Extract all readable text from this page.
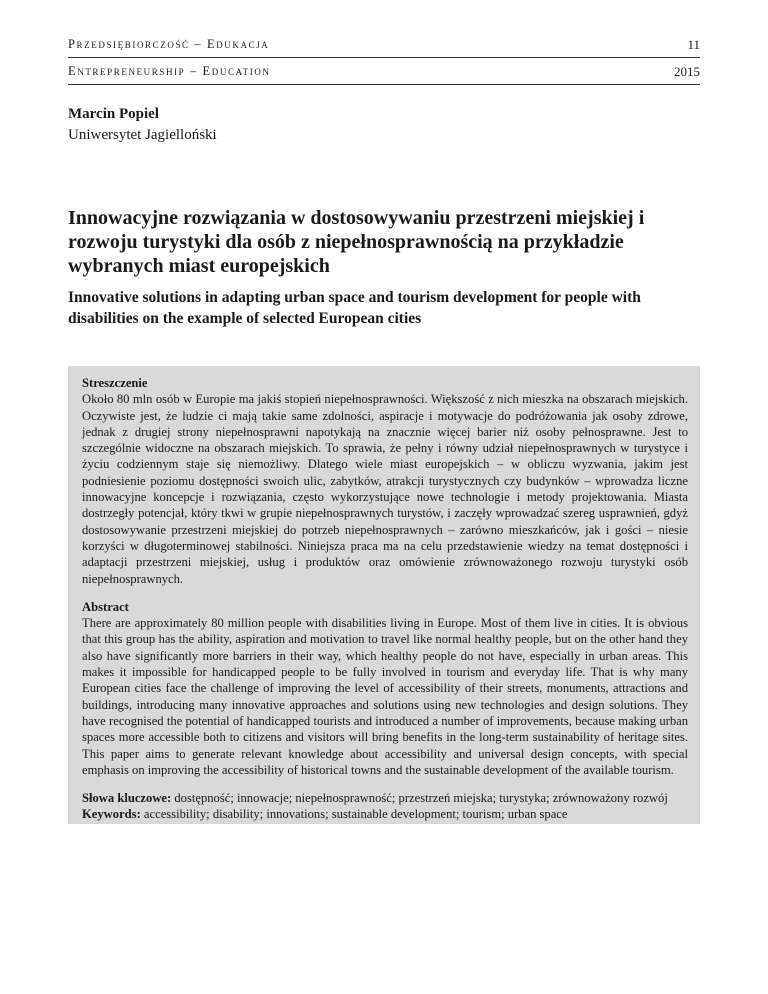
Przedsiębiorczość – Edukacja	11
Entrepreneurship – Education	2015
Marcin Popiel
Uniwersytet Jagielloński
Innowacyjne rozwiązania w dostosowywaniu przestrzeni miejskiej i rozwoju turystyki dla osób z niepełnosprawnością na przykładzie wybranych miast europejskich
Innovative solutions in adapting urban space and tourism development for people with disabilities on the example of selected European cities
Streszczenie

Około 80 mln osób w Europie ma jakiś stopień niepełnosprawności. Większość z nich mieszka na obszarach miejskich. Oczywiste jest, że ludzie ci mają takie same zdolności, aspiracje i motywacje do podróżowania jak osoby zdrowe, jednak z drugiej strony niepełnosprawni napotykają na znacznie więcej barier niż osoby pełnosprawne. Jest to szczególnie widoczne na obszarach miejskich. To sprawia, że pełny i równy udział niepełnosprawnych w turystyce i życiu codziennym staje się niemożliwy. Dlatego wiele miast europejskich – w obliczu wyzwania, jakim jest podniesienie poziomu dostępności swoich ulic, zabytków, atrakcji turystycznych czy budynków – wprowadza liczne innowacyjne koncepcje i rozwiązania, często wykorzystujące nowe technologie i metody projektowania. Miasta dostrzegły potencjał, który tkwi w grupie niepełnosprawnych turystów, i zaczęły wprowadzać szereg usprawnień, gdyż dostosowywanie przestrzeni miejskiej do potrzeb niepełnosprawnych – zarówno mieszkańców, jak i gości – niesie korzyści w długoterminowej stabilności. Niniejsza praca ma na celu przedstawienie wiedzy na temat dostępności i adaptacji przestrzeni miejskiej, usług i produktów oraz omówienie zrównoważonego rozwoju turystyki osób niepełnosprawnych.

Abstract

There are approximately 80 million people with disabilities living in Europe. Most of them live in cities. It is obvious that this group has the ability, aspiration and motivation to travel like normal healthy people, but on the other hand they also have significantly more barriers in their way, which healthy people do not have, especially in urban areas. This makes it impossible for handicapped people to be fully involved in tourism and everyday life. That is why many European cities face the challenge of improving the level of accessibility of their streets, monuments, attractions and buildings, introducing many innovative approaches and solutions using new technologies and design solutions. They have recognised the potential of handicapped tourists and introduced a number of improvements, because making urban spaces more accessible both to citizens and visitors will bring benefits in the long-term sustainability of heritage sites. This paper aims to generate relevant knowledge about accessibility and universal design concepts, with special emphasis on improving the accessibility of historical towns and the sustainable development of the available tourism.

Słowa kluczowe: dostępność; innowacje; niepełnosprawność; przestrzeń miejska; turystyka; zrównoważony rozwój

Keywords: accessibility; disability; innovations; sustainable development; tourism; urban space
